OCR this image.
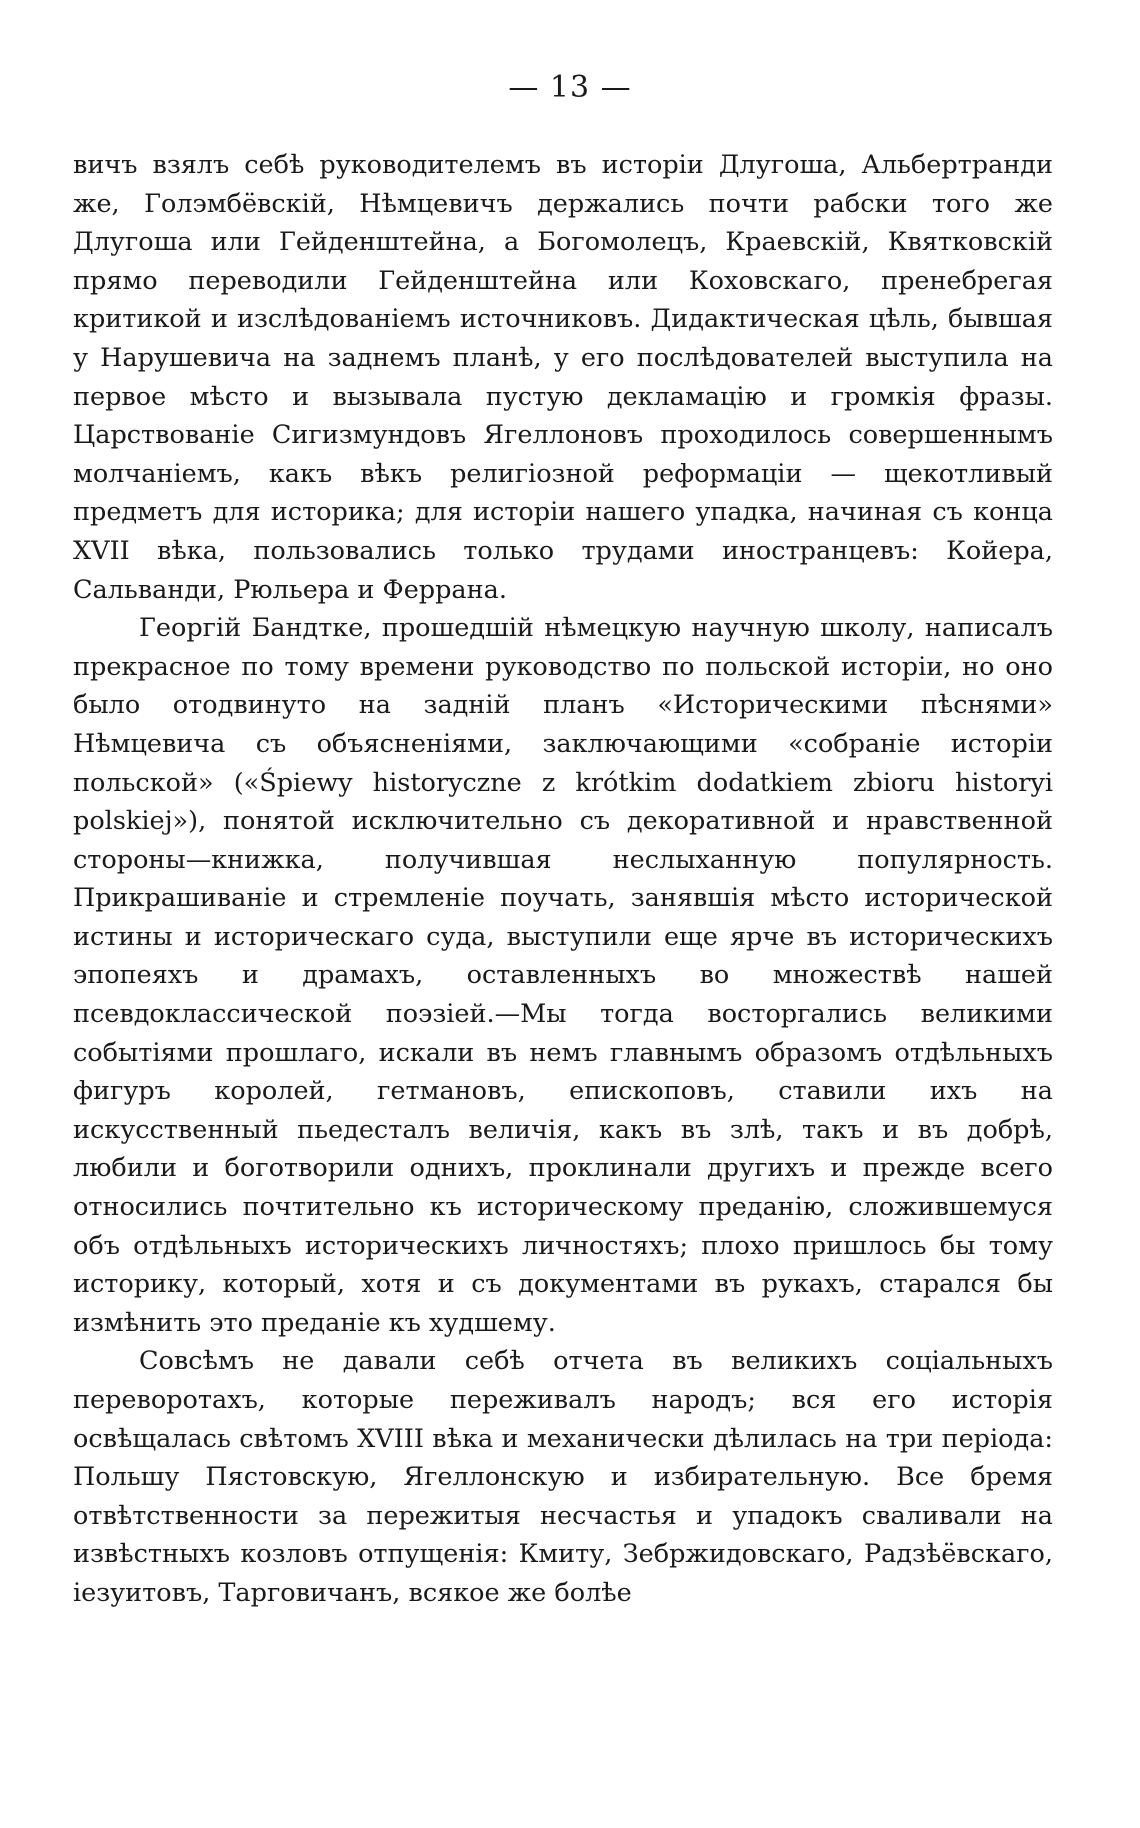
— 13 —

вичъ взялъ себѣ руководителемъ въ исторіи Длугоша, Альбертранди же, Голэмбёвскій, Нѣмцевичъ держались почти рабски того же Длугоша или Гейденштейна, а Богомолецъ, Краевскій, Квятковскій прямо переводили Гейденштейна или Коховскаго, пренебрегая критикой и изслѣдованіемъ источниковъ. Дидактическая цѣль, бывшая у Нарушевича на заднемъ планѣ, у его послѣдователей выступила на первое мѣсто и вызывала пустую декламацію и громкія фразы. Царствованіе Сигизмундовъ Ягеллоновъ проходилось совершеннымъ молчаніемъ, какъ вѣкъ религіозной реформаціи — щекотливый предметъ для историка; для исторіи нашего упадка, начиная съ конца XVII вѣка, пользовались только трудами иностранцевъ: Койера, Сальванди, Рюльера и Феррана.

Георгій Бандтке, прошедшій нѣмецкую научную школу, написалъ прекрасное по тому времени руководство по польской исторіи, но оно было отодвинуто на задній планъ «Историческими пѣснями» Нѣмцевича съ объясненіями, заключающими «собраніе исторіи польской» («Śpiewy historyczne z krótkim dodatkiem zbioru historyi polskiej»), понятой исключительно съ декоративной и нравственной стороны—книжка, получившая неслыханную популярность. Прикрашиваніе и стремленіе поучать, занявшія мѣсто исторической истины и историческаго суда, выступили еще ярче въ историческихъ эпопеяхъ и драмахъ, оставленныхъ во множествѣ нашей псевдоклассической поэзіей.—Мы тогда восторгались великими событіями прошлаго, искали въ немъ главнымъ образомъ отдѣльныхъ фигуръ королей, гетмановъ, епископовъ, ставили ихъ на искусственный пьедесталъ величія, какъ въ злѣ, такъ и въ добрѣ, любили и боготворили однихъ, проклинали другихъ и прежде всего относились почтительно къ историческому преданію, сложившемуся объ отдѣльныхъ историческихъ личностяхъ; плохо пришлось бы тому историку, который, хотя и съ документами въ рукахъ, старался бы измѣнить это преданіе къ худшему.

Совсѣмъ не давали себѣ отчета въ великихъ соціальныхъ переворотахъ, которые переживалъ народъ; вся его исторія освѣщалась свѣтомъ XVIII вѣка и механически дѣлилась на три періода: Польшу Пястовскую, Ягеллонскую и избирательную. Все бремя отвѣтственности за пережитыя несчастья и упадокъ сваливали на извѣстныхъ козловъ отпущенія: Кмиту, Зебржидовскаго, Радзѣёвскаго, іезуитовъ, Тарговичанъ, всякое же болѣе
